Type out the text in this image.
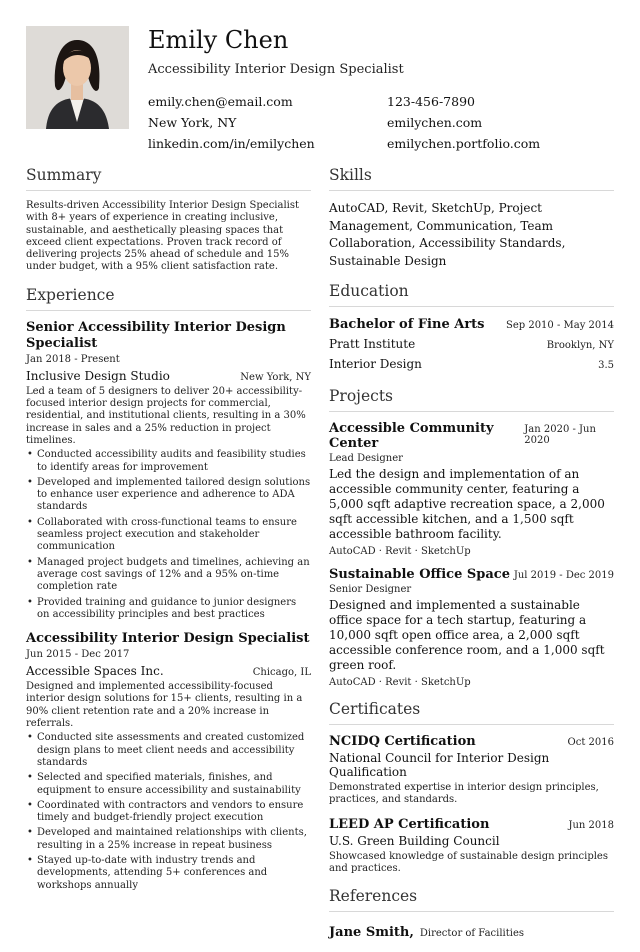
Emily Chen
Accessibility Interior Design Specialist
emily.chen@email.com
New York, NY
linkedin.com/in/emilychen
123-456-7890
emilychen.com
emilychen.portfolio.com
Summary
Results-driven Accessibility Interior Design Specialist with 8+ years of experience in creating inclusive, sustainable, and aesthetically pleasing spaces that exceed client expectations. Proven track record of delivering projects 25% ahead of schedule and 15% under budget, with a 95% client satisfaction rate.
Experience
Senior Accessibility Interior Design Specialist
Jan 2018 - Present
Inclusive Design Studio	New York, NY
Led a team of 5 designers to deliver 20+ accessibility-focused interior design projects for commercial, residential, and institutional clients, resulting in a 30% increase in sales and a 25% reduction in project timelines.
• Conducted accessibility audits and feasibility studies to identify areas for improvement
• Developed and implemented tailored design solutions to enhance user experience and adherence to ADA standards
• Collaborated with cross-functional teams to ensure seamless project execution and stakeholder communication
• Managed project budgets and timelines, achieving an average cost savings of 12% and a 95% on-time completion rate
• Provided training and guidance to junior designers on accessibility principles and best practices
Accessibility Interior Design Specialist
Jun 2015 - Dec 2017
Accessible Spaces Inc.	Chicago, IL
Designed and implemented accessibility-focused interior design solutions for 15+ clients, resulting in a 90% client retention rate and a 20% increase in referrals.
• Conducted site assessments and created customized design plans to meet client needs and accessibility standards
• Selected and specified materials, finishes, and equipment to ensure accessibility and sustainability
• Coordinated with contractors and vendors to ensure timely and budget-friendly project execution
• Developed and maintained relationships with clients, resulting in a 25% increase in repeat business
• Stayed up-to-date with industry trends and developments, attending 5+ conferences and workshops annually
Skills
AutoCAD, Revit, SketchUp, Project Management, Communication, Team Collaboration, Accessibility Standards, Sustainable Design
Education
Bachelor of Fine Arts Sep 2010 - May 2014
Pratt Institute	Brooklyn, NY
Interior Design	3.5
Projects
Accessible Community Center
Jan 2020 - Jun 2020
Lead Designer
Led the design and implementation of an accessible community center, featuring a 5,000 sqft adaptive recreation space, a 2,000 sqft accessible kitchen, and a 1,500 sqft accessible bathroom facility.
AutoCAD · Revit · SketchUp
Sustainable Office Space Jul 2019 - Dec 2019
Senior Designer
Designed and implemented a sustainable office space for a tech startup, featuring a 10,000 sqft open office area, a 2,000 sqft accessible conference room, and a 1,000 sqft green roof.
AutoCAD · Revit · SketchUp
Certificates
NCIDQ Certification	Oct 2016
National Council for Interior Design Qualification
Demonstrated expertise in interior design principles, practices, and standards.
LEED AP Certification	Jun 2018
U.S. Green Building Council
Showcased knowledge of sustainable design principles and practices.
References
Jane Smith, Director of Facilities
